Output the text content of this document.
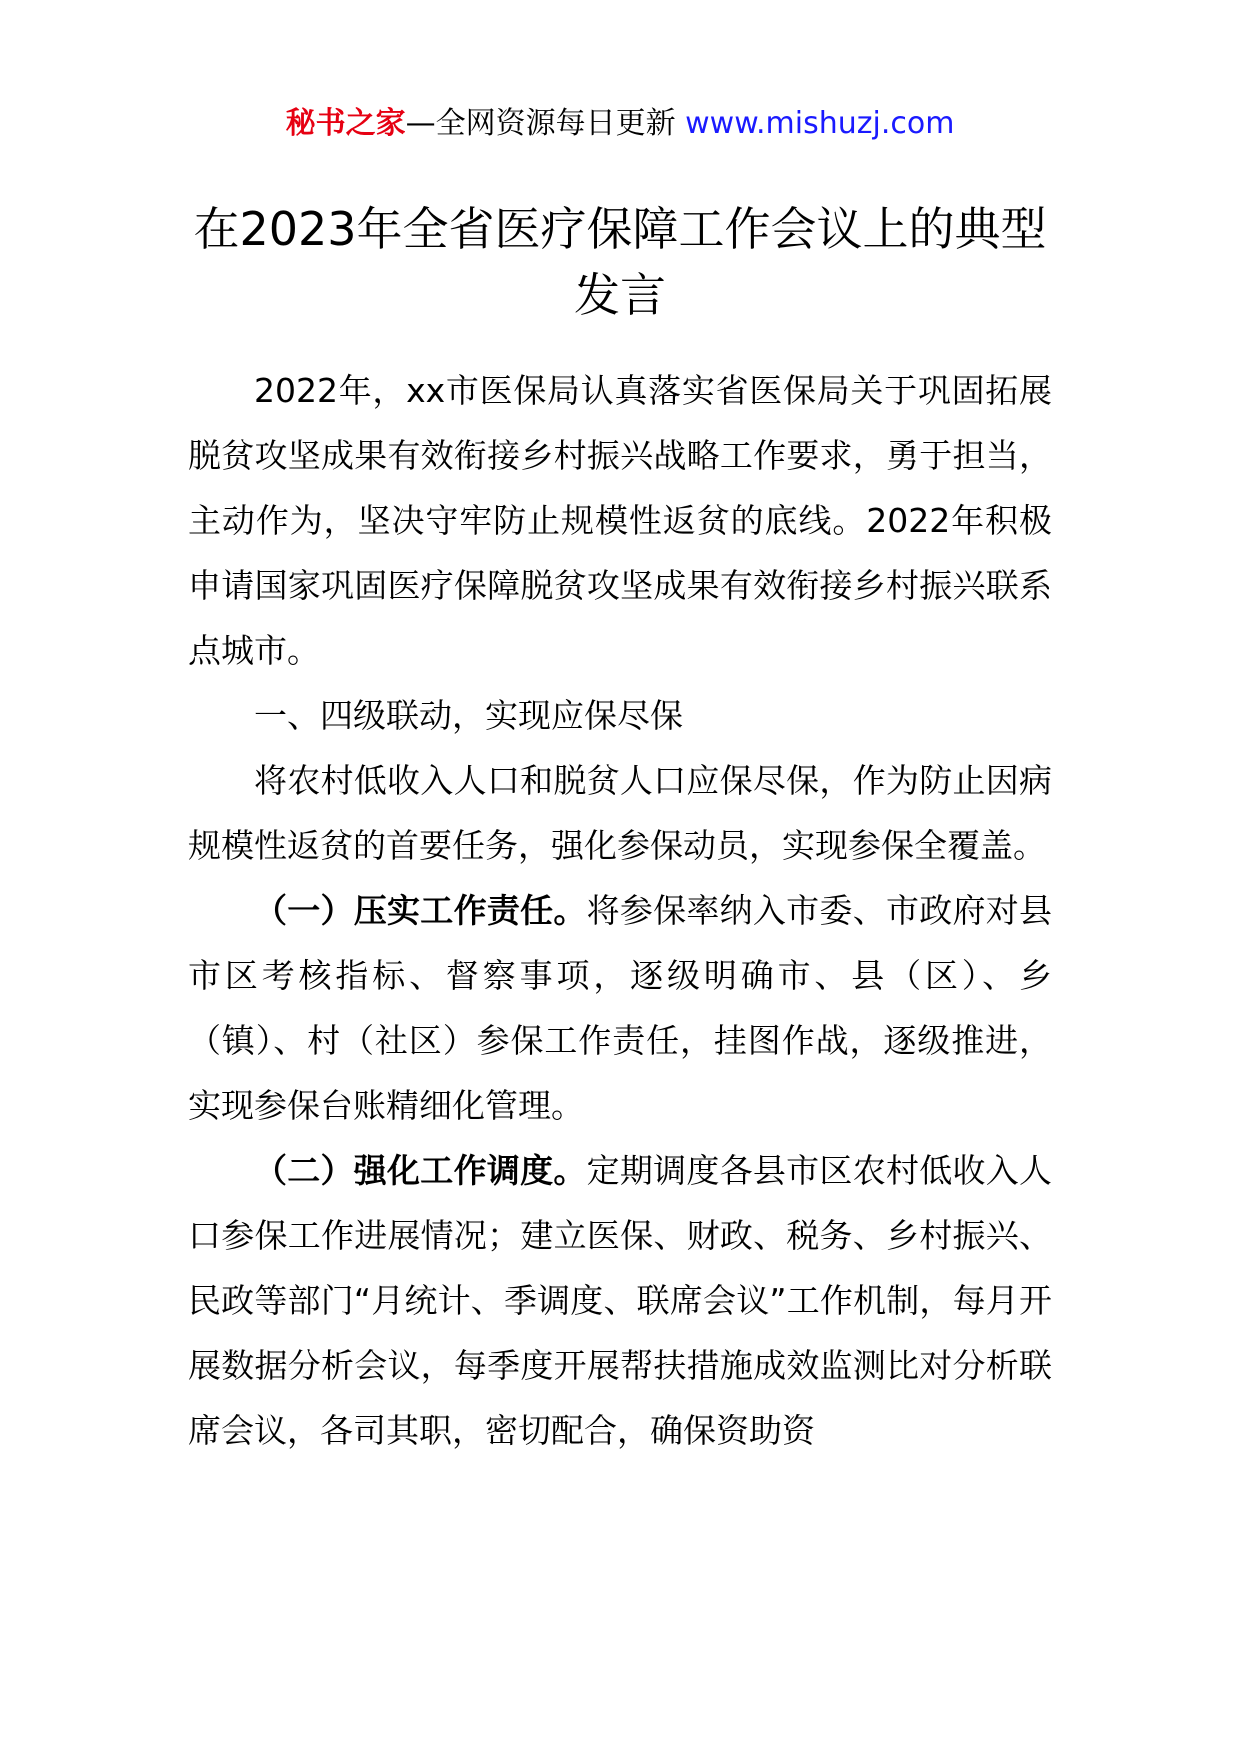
秘书之家—全网资源每日更新 www.mishuzj.com
在2023年全省医疗保障工作会议上的典型发言

2022年，xx市医保局认真落实省医保局关于巩固拓展脱贫攻坚成果有效衔接乡村振兴战略工作要求，勇于担当，主动作为，坚决守牢防止规模性返贫的底线。2022年积极申请国家巩固医疗保障脱贫攻坚成果有效衔接乡村振兴联系点城市。

一、四级联动，实现应保尽保

将农村低收入人口和脱贫人口应保尽保，作为防止因病规模性返贫的首要任务，强化参保动员，实现参保全覆盖。

（一）压实工作责任。将参保率纳入市委、市政府对县市区考核指标、督察事项，逐级明确市、县（区）、乡（镇）、村（社区）参保工作责任，挂图作战，逐级推进，实现参保台账精细化管理。

（二）强化工作调度。定期调度各县市区农村低收入人口参保工作进展情况；建立医保、财政、税务、乡村振兴、民政等部门“月统计、季调度、联席会议”工作机制，每月开展数据分析会议，每季度开展帮扶措施成效监测比对分析联席会议，各司其职，密切配合，确保资助资
